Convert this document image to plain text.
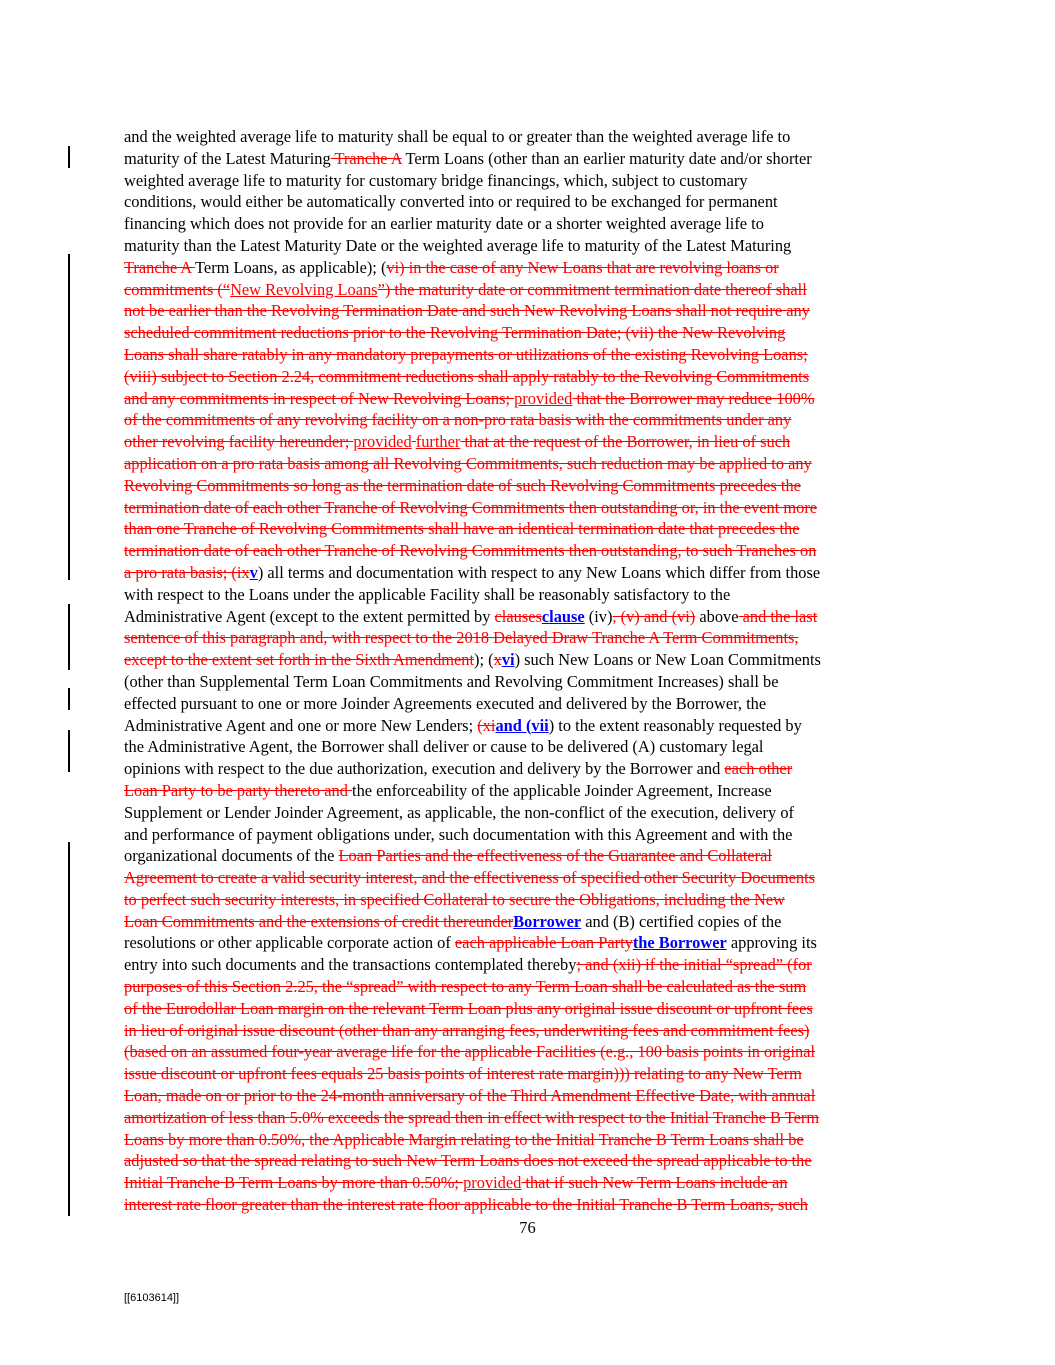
and the weighted average life to maturity shall be equal to or greater than the weighted average life to
maturity of the Latest Maturing Tranche A Term Loans (other than an earlier maturity date and/or shorter
weighted average life to maturity for customary bridge financings, which, subject to customary
conditions, would either be automatically converted into or required to be exchanged for permanent
financing which does not provide for an earlier maturity date or a shorter weighted average life to
maturity than the Latest Maturity Date or the weighted average life to maturity of the Latest Maturing
Tranche A Term Loans, as applicable); (vi) in the case of any New Loans that are revolving loans or
commitments (“New Revolving Loans”) the maturity date or commitment termination date thereof shall
not be earlier than the Revolving Termination Date and such New Revolving Loans shall not require any
scheduled commitment reductions prior to the Revolving Termination Date; (vii) the New Revolving
Loans shall share ratably in any mandatory prepayments or utilizations of the existing Revolving Loans;
(viii) subject to Section 2.24, commitment reductions shall apply ratably to the Revolving Commitments
and any commitments in respect of New Revolving Loans; provided that the Borrower may reduce 100%
of the commitments of any revolving facility on a non-pro rata basis with the commitments under any
other revolving facility hereunder; provided further that at the request of the Borrower, in lieu of such
application on a pro rata basis among all Revolving Commitments, such reduction may be applied to any
Revolving Commitments so long as the termination date of such Revolving Commitments precedes the
termination date of each other Tranche of Revolving Commitments then outstanding or, in the event more
than one Tranche of Revolving Commitments shall have an identical termination date that precedes the
termination date of each other Tranche of Revolving Commitments then outstanding, to such Tranches on
a pro rata basis; (ixv) all terms and documentation with respect to any New Loans which differ from those
with respect to the Loans under the applicable Facility shall be reasonably satisfactory to the
Administrative Agent (except to the extent permitted by clausesclause (iv), (v) and (vi) above and the last
sentence of this paragraph and, with respect to the 2018 Delayed Draw Tranche A Term Commitments,
except to the extent set forth in the Sixth Amendment); (xvi) such New Loans or New Loan Commitments
(other than Supplemental Term Loan Commitments and Revolving Commitment Increases) shall be
effected pursuant to one or more Joinder Agreements executed and delivered by the Borrower, the
Administrative Agent and one or more New Lenders; (xiand (vii) to the extent reasonably requested by
the Administrative Agent, the Borrower shall deliver or cause to be delivered (A) customary legal
opinions with respect to the due authorization, execution and delivery by the Borrower and each other
Loan Party to be party thereto and the enforceability of the applicable Joinder Agreement, Increase
Supplement or Lender Joinder Agreement, as applicable, the non-conflict of the execution, delivery of
and performance of payment obligations under, such documentation with this Agreement and with the
organizational documents of the Loan Parties and the effectiveness of the Guarantee and Collateral
Agreement to create a valid security interest, and the effectiveness of specified other Security Documents
to perfect such security interests, in specified Collateral to secure the Obligations, including the New
Loan Commitments and the extensions of credit thereunderBorrower and (B) certified copies of the
resolutions or other applicable corporate action of each applicable Loan Partythe Borrower approving its
entry into such documents and the transactions contemplated thereby; and (xii) if the initial “spread” (for
purposes of this Section 2.25, the “spread” with respect to any Term Loan shall be calculated as the sum
of the Eurodollar Loan margin on the relevant Term Loan plus any original issue discount or upfront fees
in lieu of original issue discount (other than any arranging fees, underwriting fees and commitment fees)
(based on an assumed four-year average life for the applicable Facilities (e.g., 100 basis points in original
issue discount or upfront fees equals 25 basis points of interest rate margin))) relating to any New Term
Loan, made on or prior to the 24-month anniversary of the Third Amendment Effective Date, with annual
amortization of less than 5.0% exceeds the spread then in effect with respect to the Initial Tranche B Term
Loans by more than 0.50%, the Applicable Margin relating to the Initial Tranche B Term Loans shall be
adjusted so that the spread relating to such New Term Loans does not exceed the spread applicable to the
Initial Tranche B Term Loans by more than 0.50%; provided that if such New Term Loans include an
interest rate floor greater than the interest rate floor applicable to the Initial Tranche B Term Loans, such
76
[[6103614]]
